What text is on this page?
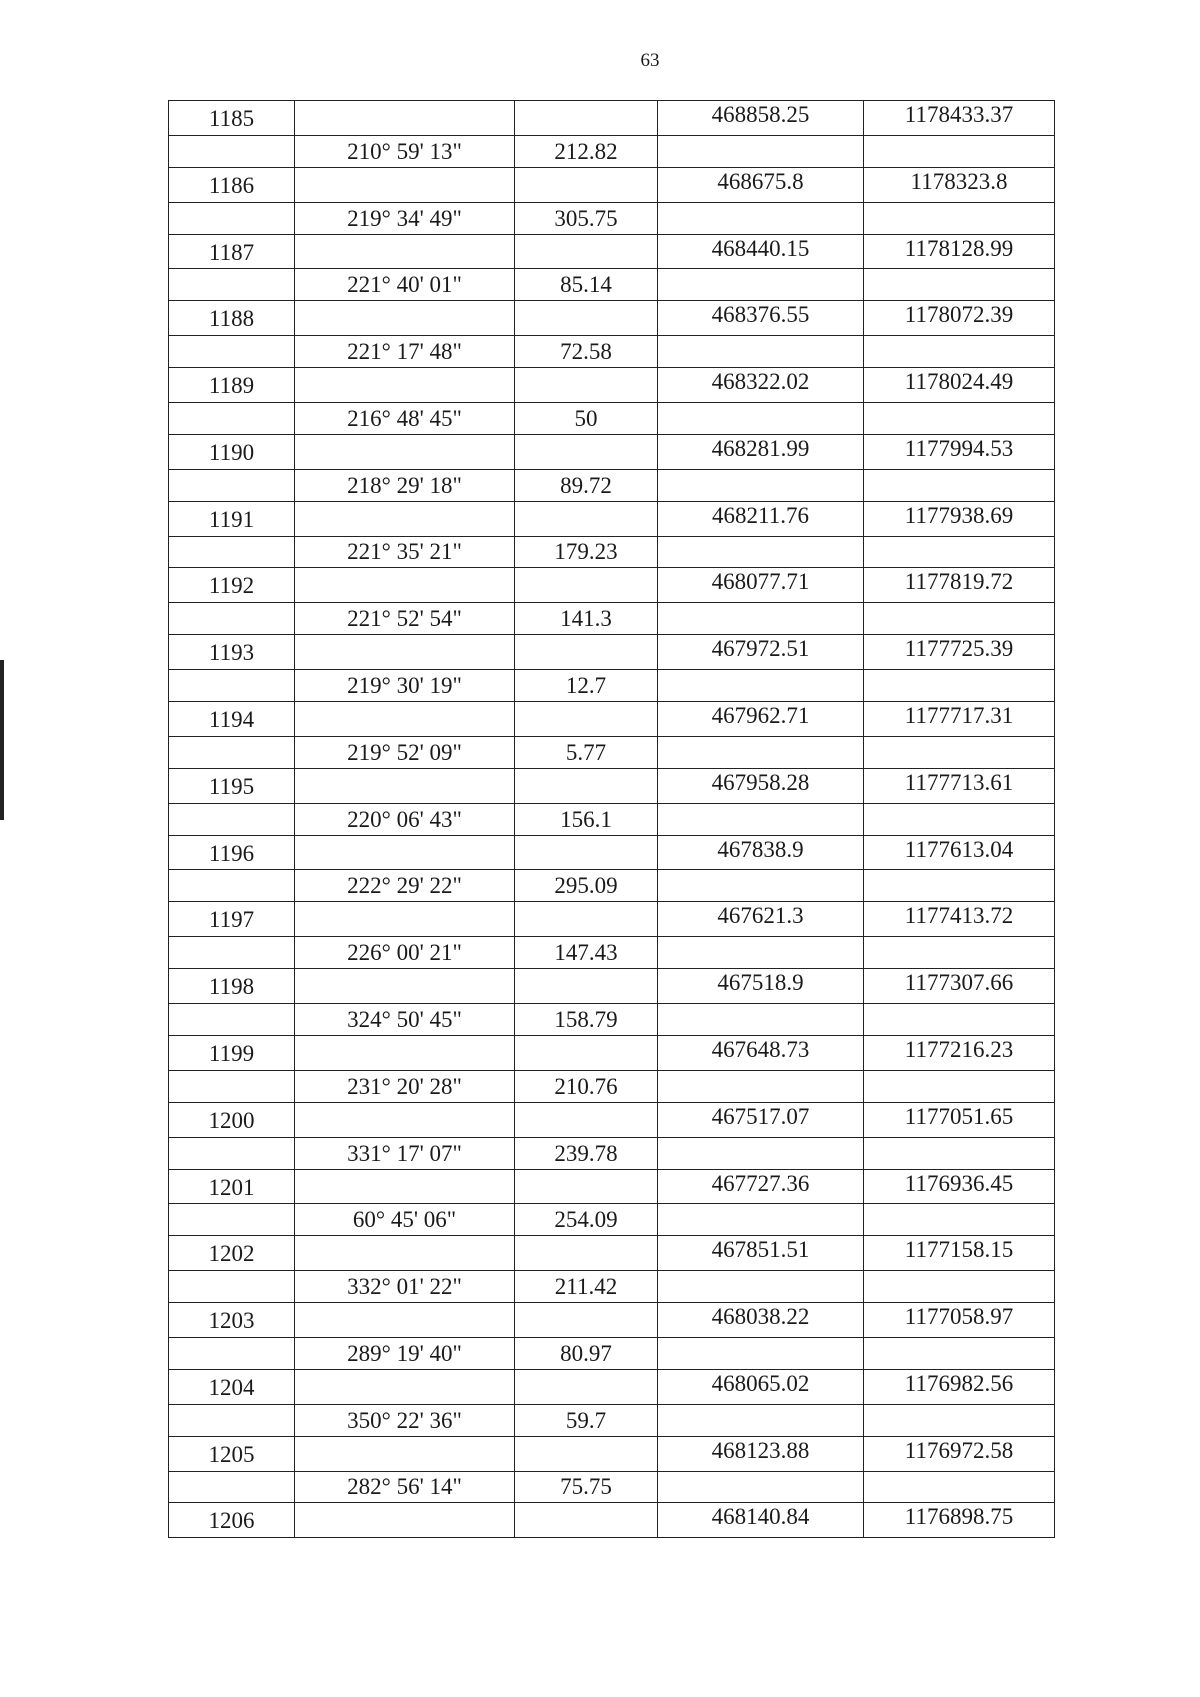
63
1185			468858.25	1178433.37
	210° 59' 13"	212.82		
1186			468675.8	1178323.8
	219° 34' 49"	305.75		
1187			468440.15	1178128.99
	221° 40' 01"	85.14		
1188			468376.55	1178072.39
	221° 17' 48"	72.58		
1189			468322.02	1178024.49
	216° 48' 45"	50		
1190			468281.99	1177994.53
	218° 29' 18"	89.72		
1191			468211.76	1177938.69
	221° 35' 21"	179.23		
1192			468077.71	1177819.72
	221° 52' 54"	141.3		
1193			467972.51	1177725.39
	219° 30' 19"	12.7		
1194			467962.71	1177717.31
	219° 52' 09"	5.77		
1195			467958.28	1177713.61
	220° 06' 43"	156.1		
1196			467838.9	1177613.04
	222° 29' 22"	295.09		
1197			467621.3	1177413.72
	226° 00' 21"	147.43		
1198			467518.9	1177307.66
	324° 50' 45"	158.79		
1199			467648.73	1177216.23
	231° 20' 28"	210.76		
1200			467517.07	1177051.65
	331° 17' 07"	239.78		
1201			467727.36	1176936.45
	60° 45' 06"	254.09		
1202			467851.51	1177158.15
	332° 01' 22"	211.42		
1203			468038.22	1177058.97
	289° 19' 40"	80.97		
1204			468065.02	1176982.56
	350° 22' 36"	59.7		
1205			468123.88	1176972.58
	282° 56' 14"	75.75		
1206			468140.84	1176898.75
